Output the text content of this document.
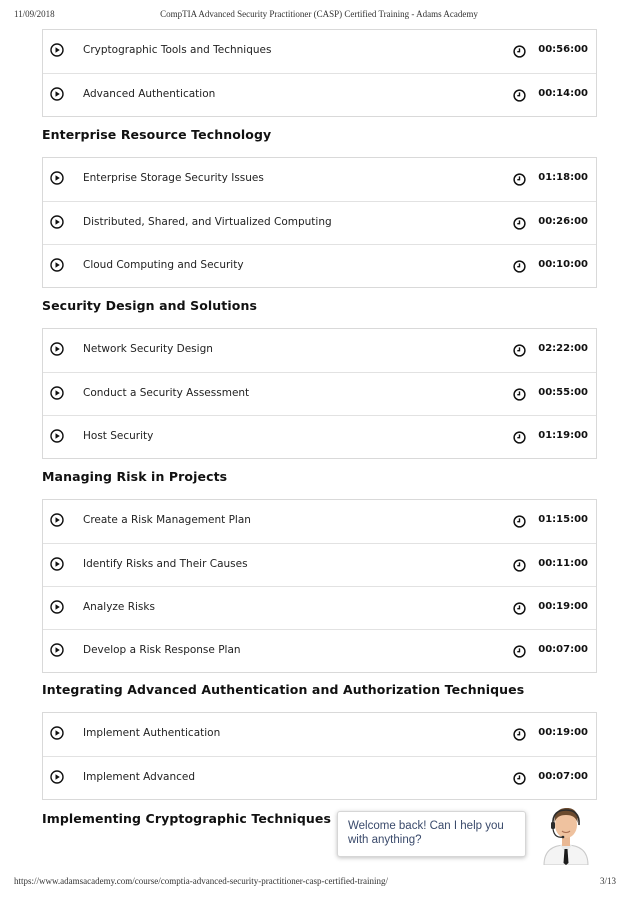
11/09/2018	CompTIA Advanced Security Practitioner (CASP) Certified Training - Adams Academy
Cryptographic Tools and Techniques	00:56:00
Advanced Authentication	00:14:00
Enterprise Resource Technology
Enterprise Storage Security Issues	01:18:00
Distributed, Shared, and Virtualized Computing	00:26:00
Cloud Computing and Security	00:10:00
Security Design and Solutions
Network Security Design	02:22:00
Conduct a Security Assessment	00:55:00
Host Security	01:19:00
Managing Risk in Projects
Create a Risk Management Plan	01:15:00
Identify Risks and Their Causes	00:11:00
Analyze Risks	00:19:00
Develop a Risk Response Plan	00:07:00
Integrating Advanced Authentication and Authorization Techniques
Implement Authentication	00:19:00
Implement Advanced	00:07:00
Implementing Cryptographic Techniques	Welcome back! Can I help you with anything?
https://www.adamsacademy.com/course/comptia-advanced-security-practitioner-casp-certified-training/	3/13
